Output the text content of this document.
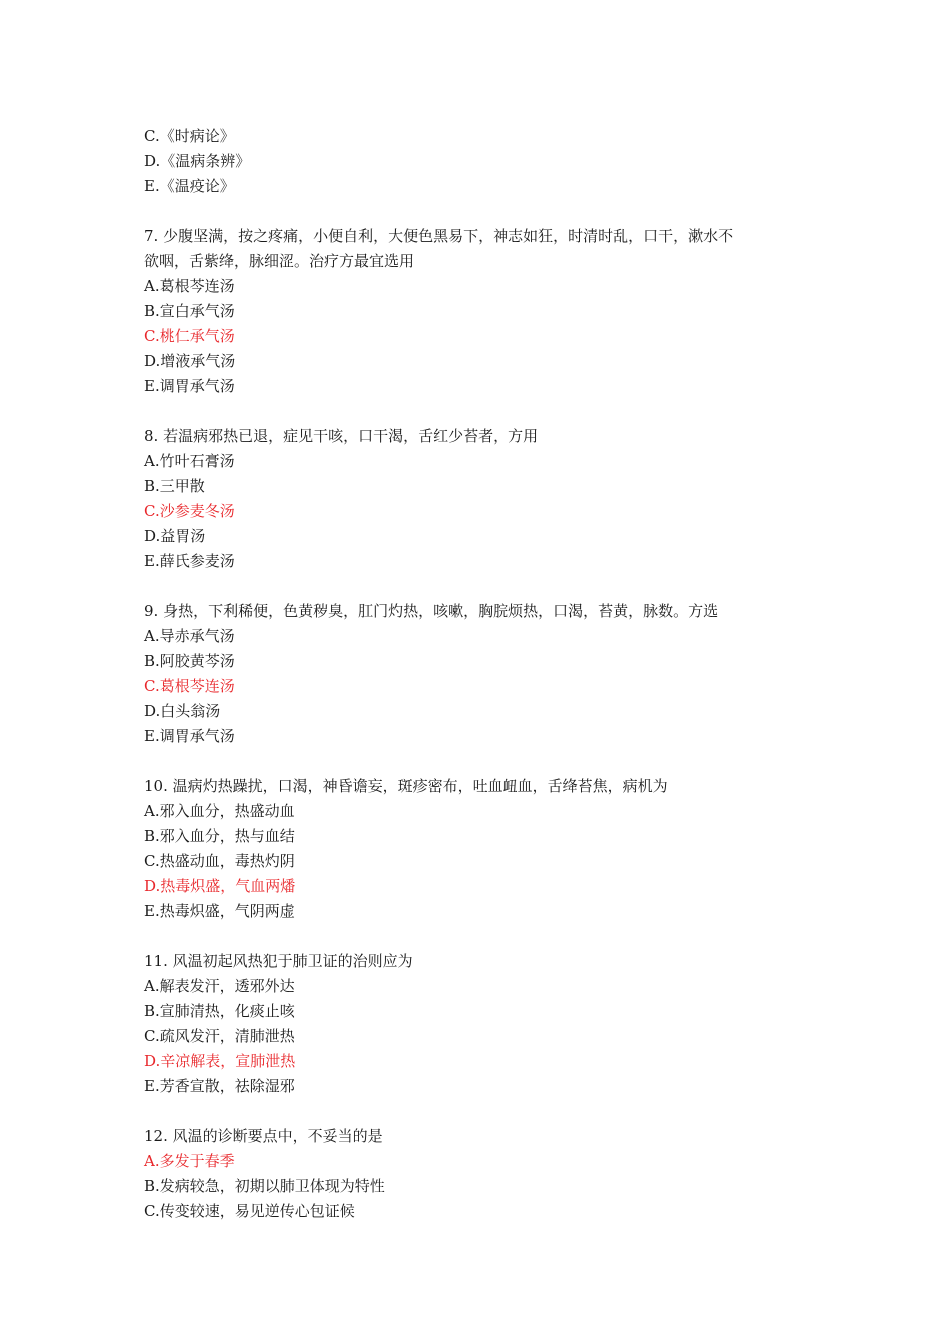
C.《时病论》
D.《温病条辨》
E.《温疫论》
7. 少腹坚满，按之疼痛，小便自利，大便色黑易下，神志如狂，时清时乱，口干，漱水不
欲咽，舌紫绛，脉细涩。治疗方最宜选用
A.葛根芩连汤
B.宣白承气汤
C.桃仁承气汤
D.增液承气汤
E.调胃承气汤
8. 若温病邪热已退，症见干咳，口干渴，舌红少苔者，方用
A.竹叶石膏汤
B.三甲散
C.沙参麦冬汤
D.益胃汤
E.薛氏参麦汤
9. 身热，下利稀便，色黄秽臭，肛门灼热，咳嗽，胸脘烦热，口渴，苔黄，脉数。方选
A.导赤承气汤
B.阿胶黄芩汤
C.葛根芩连汤
D.白头翁汤
E.调胃承气汤
10. 温病灼热躁扰，口渴，神昏谵妄，斑疹密布，吐血衄血，舌绛苔焦，病机为
A.邪入血分，热盛动血
B.邪入血分，热与血结
C.热盛动血，毒热灼阴
D.热毒炽盛，气血两燔
E.热毒炽盛，气阴两虚
11. 风温初起风热犯于肺卫证的治则应为
A.解表发汗，透邪外达
B.宣肺清热，化痰止咳
C.疏风发汗，清肺泄热
D.辛凉解表，宣肺泄热
E.芳香宣散，祛除湿邪
12. 风温的诊断要点中，不妥当的是
A.多发于春季
B.发病较急，初期以肺卫体现为特性
C.传变较速，易见逆传心包证候
